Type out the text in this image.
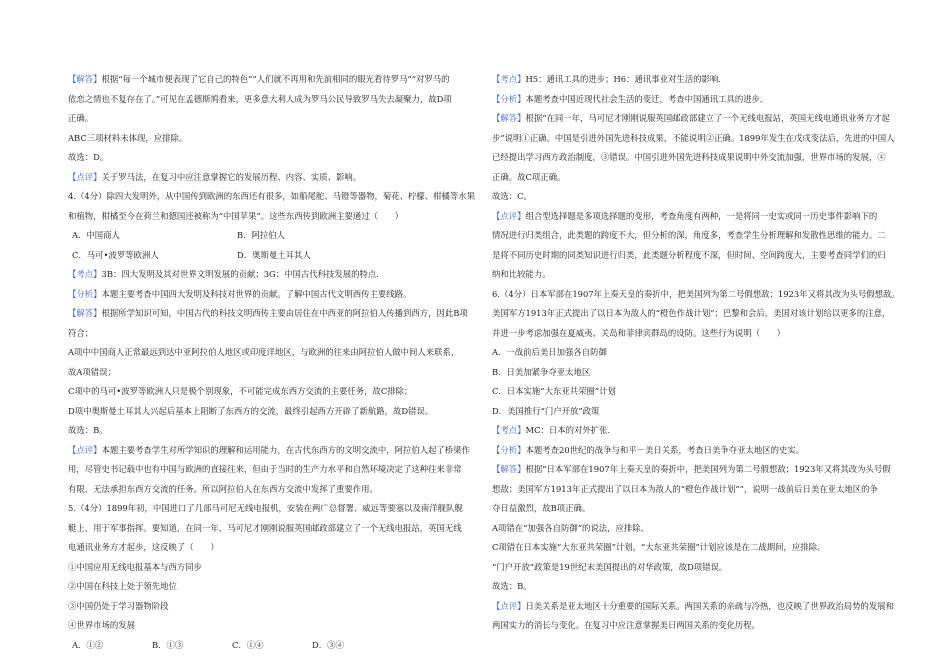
【解答】根据“每一个城市便表现了它自己的特色”“人们就不再用和先前相同的眼光看待罗马”“对罗马的
依恋之情也不复存在了。”可见在孟德斯鸠看来，更多意大利人成为罗马公民导致罗马失去凝聚力，故D项
正确。
ABC三项材料未体现，应排除。
故选：D。
【点评】关于罗马法，在复习中应注意掌握它的发展历程、内容、实质、影响。
4.（4分）除四大发明外，从中国传到欧洲的东西还有很多，如船尾舵、马镫等器物，菊花、柠檬、柑橘等水果
和植物，柑橘至今在荷兰和德国还被称为“中国苹果”。这些东西传到欧洲主要通过（　　）
A．中国商人	B．阿拉伯人
C．马可•波罗等欧洲人	D．奥斯曼土耳其人
【考点】3B：四大发明及其对世界文明发展的贡献；3G：中国古代科技发展的特点.
【分析】本题主要考查中国四大发明及科技对世界的贡献。了解中国古代文明西传主要线路。
【解答】根据所学知识可知，中国古代的科技文明西传主要由居住在中西亚的阿拉伯人传播到西方，因此B项
符合；
A项中中国商人正常最远到达中亚阿拉伯人地区或印度洋地区，与欧洲的往来由阿拉伯人做中间人来联系，
故A项错误；
C项中的马可•波罗等欧洲人只是极个别现象，不可能完成东西方交流的主要任务，故C排除；
D项中奥斯曼土耳其人兴起后基本上阻断了东西方的交流，最终引起西方开辟了新航路，故D错误。
故选：B。
【点评】本题主要考查学生对所学知识的理解和运用能力，在古代东西方的文明交流中，阿拉伯人起了桥梁作
用，尽管史书记载中也有中国与欧洲的直接往来，但由于当时的生产力水平和自然环境决定了这种往来非常
有限，无法承担东西方交流的任务。所以阿拉伯人在东西方交流中发挥了重要作用。
5.（4分）1899年初，中国进口了几部马可尼无线电报机，安装在两广总督署、威远等要塞以及南洋舰队舰
艇上，用于军事指挥。要知道，在同一年，马可尼才刚刚说服英国邮政部建立了一个无线电报站，英国无线
电通讯业务方才起步，这反映了（　　）
①中国应用无线电报基本与西方同步
②中国在科技上处于领先地位
③中国仍处于学习器物阶段
④世界市场的发展
A．①②	B．①③	C．①④	D．③④
【考点】H5：通讯工具的进步；H6：通讯事业对生活的影响.
【分析】本题考查中国近现代社会生活的变迁，考查中国通讯工具的进步。
【解答】根据“在同一年，马可尼才刚刚说服英国邮政部建立了一个无线电报站，英国无线电通讯业务方才起
步”说明①正确。中国是引进外国先进科技成果，不能说明②正确。1899年发生在戊戌变法后，先进的中国人
已经提出学习西方政治制度，③错误。中国引进外国先进科技成果说明中外交流加强，世界市场的发展，④
正确。故C项正确。
故选：C。
【点评】组合型选择题是多项选择题的变形，考查角度有两种，一是将同一史实或同一历史事件影响下的
情况进行归类组合，此类题的跨度不大，但分析的深，角度多，考查学生分析理解和发散性思维的能力。二
是将不同历史时期的同类知识进行归类，此类题分析程度不深，但时间、空间跨度大，主要考查同学们的归
纳和比较能力。
6.（4分）日本军部在1907年上奏天皇的奏折中，把美国列为第二号假想敌；1923年又将其改为头号假想敌。
美国军方1913年正式提出了以日本为敌人的“橙色作战计划”；巴黎和会后，美国对该计划给以更多的注意，
并进一步考虑加强在夏威夷、关岛和菲律宾群岛的设防。这些行为说明（　　）
A．一战前后美日加强各自防御
B．日美加紧争夺亚太地区
C．日本实施“大东亚共荣圈”计划
D．美国推行“门户开放”政策
【考点】MC：日本的对外扩张.
【分析】本题考查20世纪的战争与和平－美日关系，考查日美争夺亚太地区的史实。
【解答】根据“日本军部在1907年上奏天皇的奏折中，把美国列为第二号假想敌；1923年又将其改为头号假
想敌；美国军方1913年正式提出了以日本为敌人的“橙色作战计划””，说明一战前后日美在亚太地区的争
夺日益激烈，故B项正确。
A项错在“加强各自防御”的说法，应排除。
C项错在日本实施“大东亚共荣圈”计划，“大东亚共荣圈”计划应该是在二战期间，应排除。
“门户开放”政策是19世纪末美国提出的对华政策，故D项错误。
故选：B。
【点评】日美关系是亚太地区十分重要的国际关系。两国关系的亲疏与冷热，也反映了世界政治局势的发展和
两国实力的消长与变化。在复习中应注意掌握美日两国关系的变化历程。
